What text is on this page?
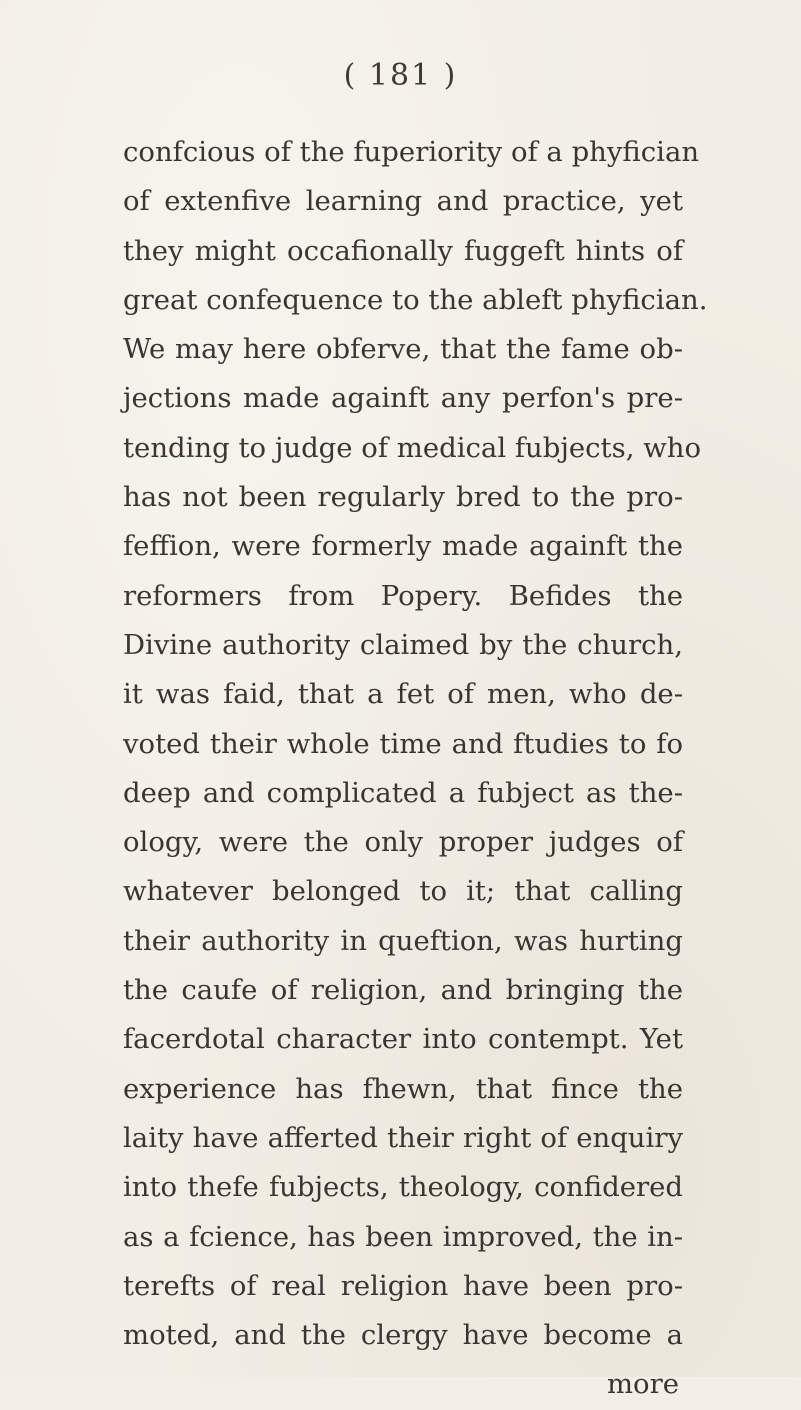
( 181 )
confcious of the fuperiority of a phyfician
of extenfive learning and practice, yet
they might occafionally fuggeft hints of
great confequence to the ableft phyfician.
We may here obferve, that the fame ob-
jections made againft any perfon's pre-
tending to judge of medical fubjects, who
has not been regularly bred to the pro-
feffion, were formerly made againft the
reformers from Popery. Befides the
Divine authority claimed by the church,
it was faid, that a fet of men, who de-
voted their whole time and ftudies to fo
deep and complicated a fubject as the-
ology, were the only proper judges of
whatever belonged to it; that calling
their authority in queftion, was hurting
the caufe of religion, and bringing the
facerdotal character into contempt. Yet
experience has fhewn, that fince the
laity have afferted their right of enquiry
into thefe fubjects, theology, confidered
as a fcience, has been improved, the in-
terefts of real religion have been pro-
moted, and the clergy have become a
more
